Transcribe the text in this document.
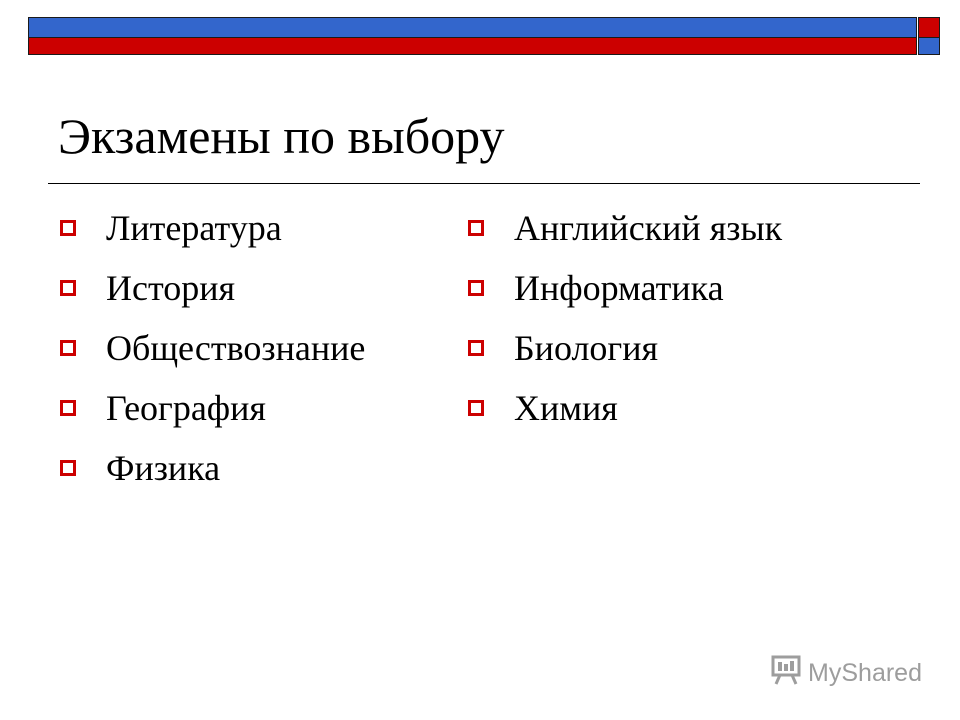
Экзамены по выбору
Литература
История
Обществознание
География
Физика
Английский язык
Информатика
Биология
Химия
MyShared
